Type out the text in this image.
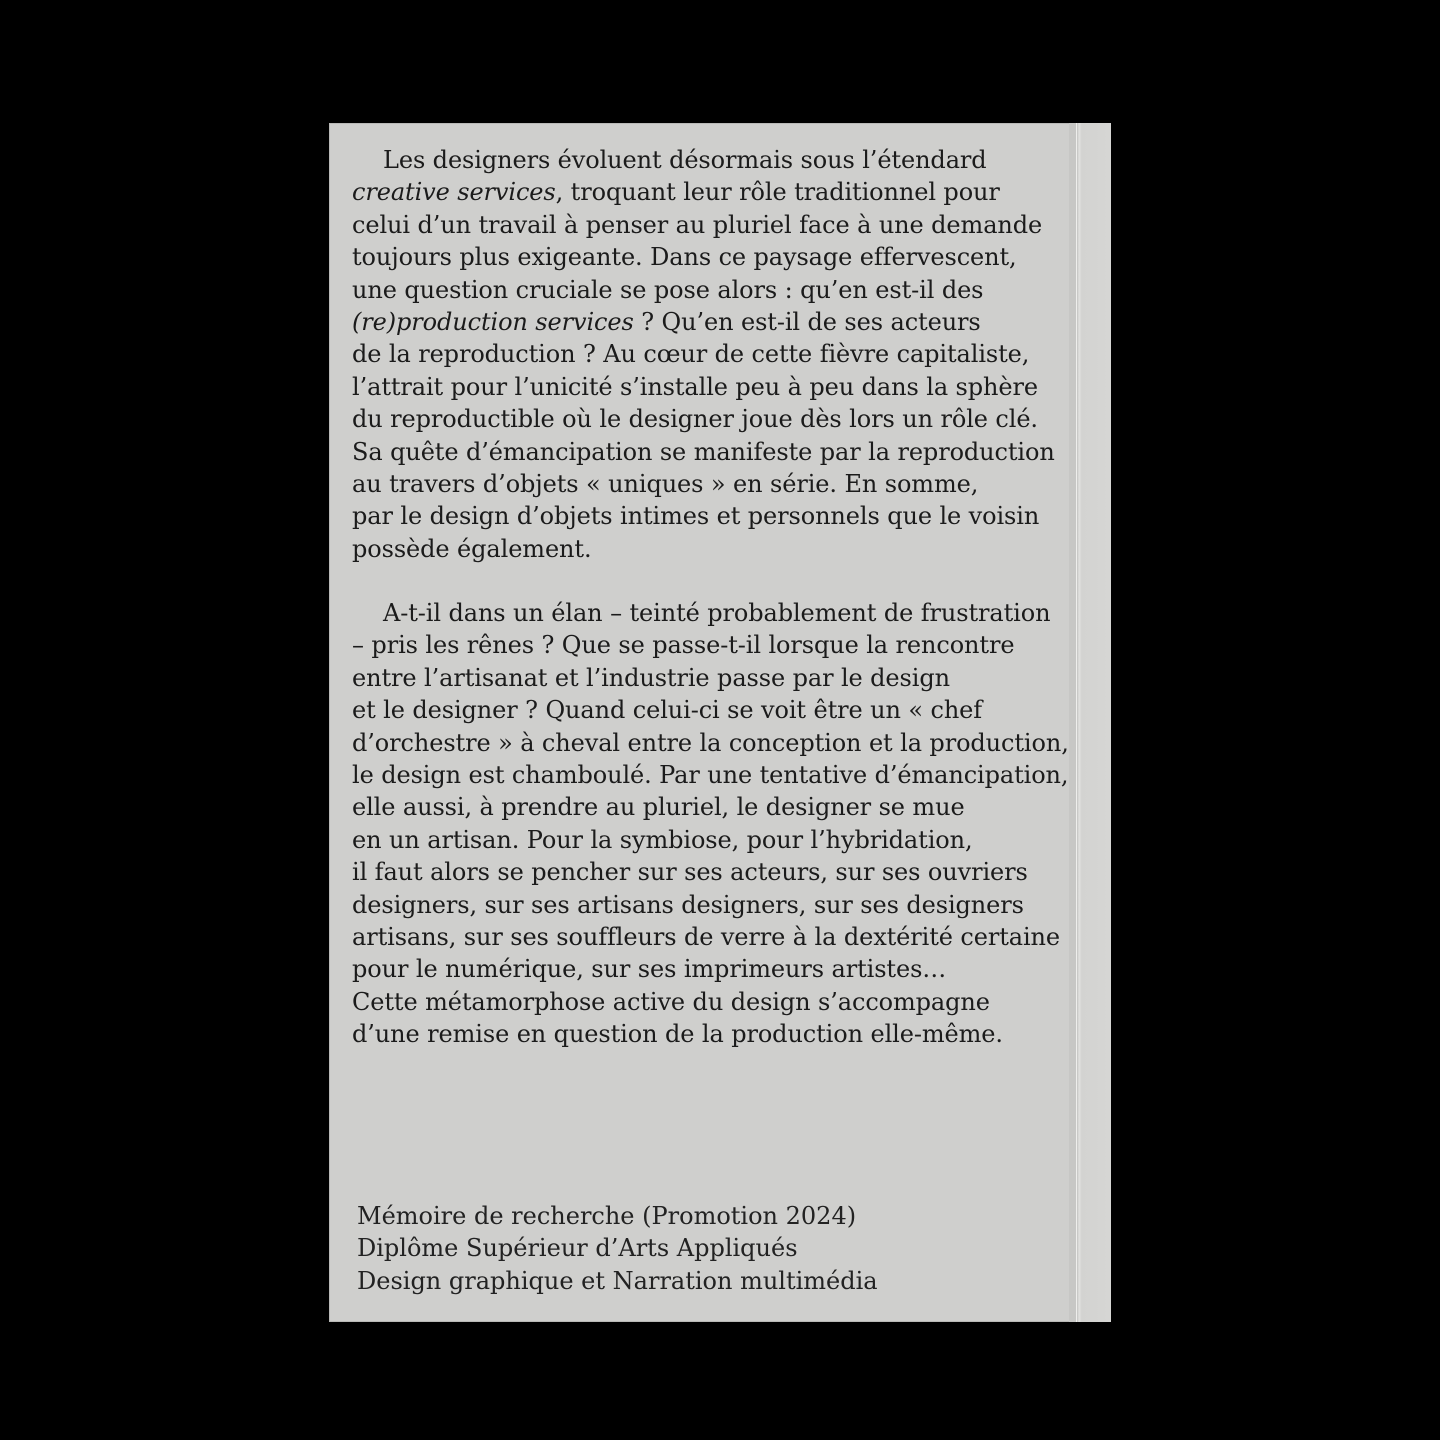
Les designers évoluent désormais sous l’étendard
creative services, troquant leur rôle traditionnel pour
celui d’un travail à penser au pluriel face à une demande
toujours plus exigeante. Dans ce paysage effervescent,
une question cruciale se pose alors : qu’en est-il des
(re)production services ? Qu’en est-il de ses acteurs
de la reproduction ? Au cœur de cette fièvre capitaliste,
l’attrait pour l’unicité s’installe peu à peu dans la sphère
du reproductible où le designer joue dès lors un rôle clé.
Sa quête d’émancipation se manifeste par la reproduction
au travers d’objets « uniques » en série. En somme,
par le design d’objets intimes et personnels que le voisin
possède également.
A-t-il dans un élan – teinté probablement de frustration
– pris les rênes ? Que se passe-t-il lorsque la rencontre
entre l’artisanat et l’industrie passe par le design
et le designer ? Quand celui-ci se voit être un « chef
d’orchestre » à cheval entre la conception et la production,
le design est chamboulé. Par une tentative d’émancipation,
elle aussi, à prendre au pluriel, le designer se mue
en un artisan. Pour la symbiose, pour l’hybridation,
il faut alors se pencher sur ses acteurs, sur ses ouvriers
designers, sur ses artisans designers, sur ses designers
artisans, sur ses souffleurs de verre à la dextérité certaine
pour le numérique, sur ses imprimeurs artistes…
Cette métamorphose active du design s’accompagne
d’une remise en question de la production elle-même.
Mémoire de recherche (Promotion 2024)
Diplôme Supérieur d’Arts Appliqués
Design graphique et Narration multimédia
